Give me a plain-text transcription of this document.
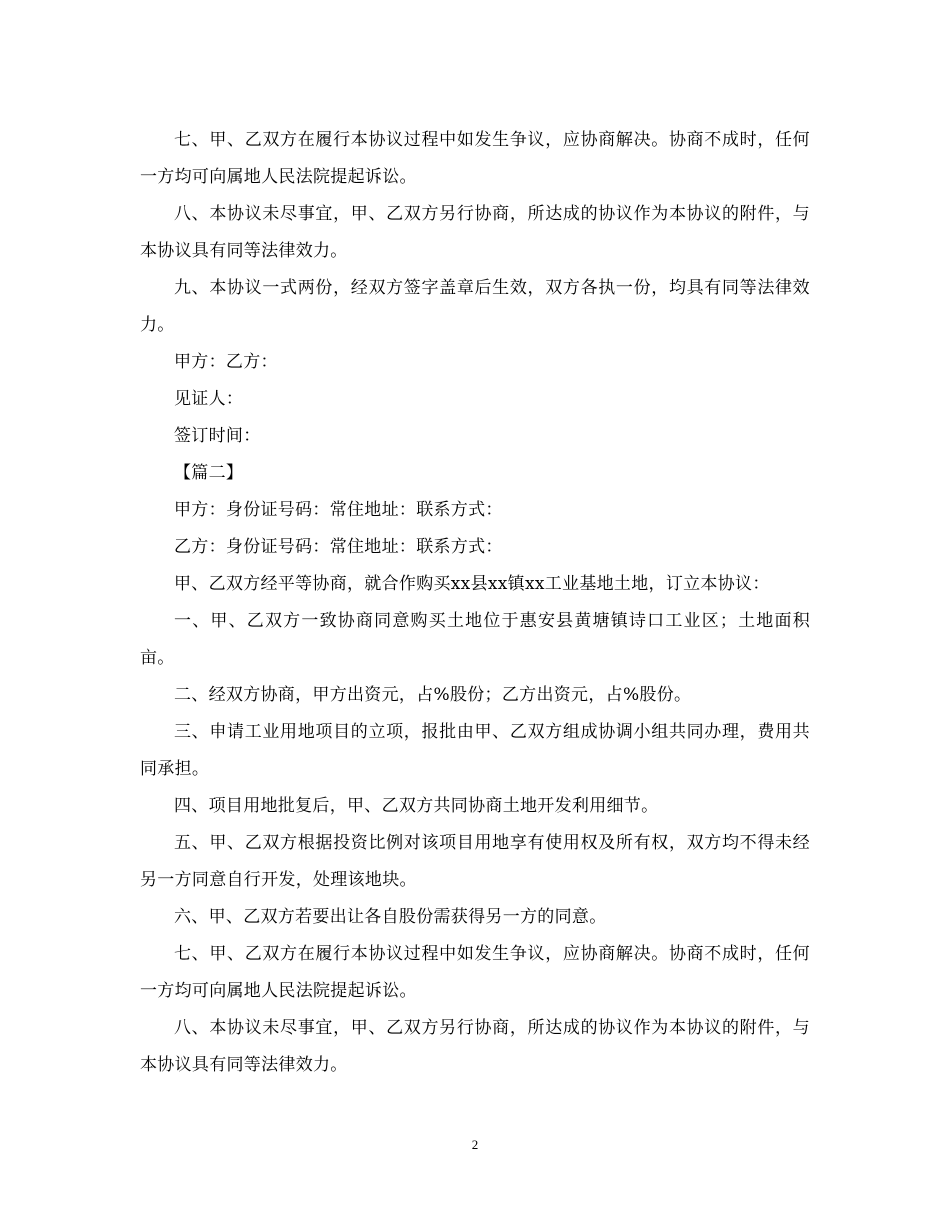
七、甲、乙双方在履行本协议过程中如发生争议，应协商解决。协商不成时，任何一方均可向属地人民法院提起诉讼。

八、本协议未尽事宜，甲、乙双方另行协商，所达成的协议作为本协议的附件，与本协议具有同等法律效力。

九、本协议一式两份，经双方签字盖章后生效，双方各执一份，均具有同等法律效力。

甲方：乙方：

见证人：

签订时间：

【篇二】

甲方：身份证号码：常住地址：联系方式：

乙方：身份证号码：常住地址：联系方式：

甲、乙双方经平等协商，就合作购买xx县xx镇xx工业基地土地，订立本协议：

一、甲、乙双方一致协商同意购买土地位于惠安县黄塘镇诗口工业区；土地面积亩。

二、经双方协商，甲方出资元，占%股份；乙方出资元，占%股份。

三、申请工业用地项目的立项，报批由甲、乙双方组成协调小组共同办理，费用共同承担。

四、项目用地批复后，甲、乙双方共同协商土地开发利用细节。

五、甲、乙双方根据投资比例对该项目用地享有使用权及所有权，双方均不得未经另一方同意自行开发，处理该地块。

六、甲、乙双方若要出让各自股份需获得另一方的同意。

七、甲、乙双方在履行本协议过程中如发生争议，应协商解决。协商不成时，任何一方均可向属地人民法院提起诉讼。

八、本协议未尽事宜，甲、乙双方另行协商，所达成的协议作为本协议的附件，与本协议具有同等法律效力。

2
